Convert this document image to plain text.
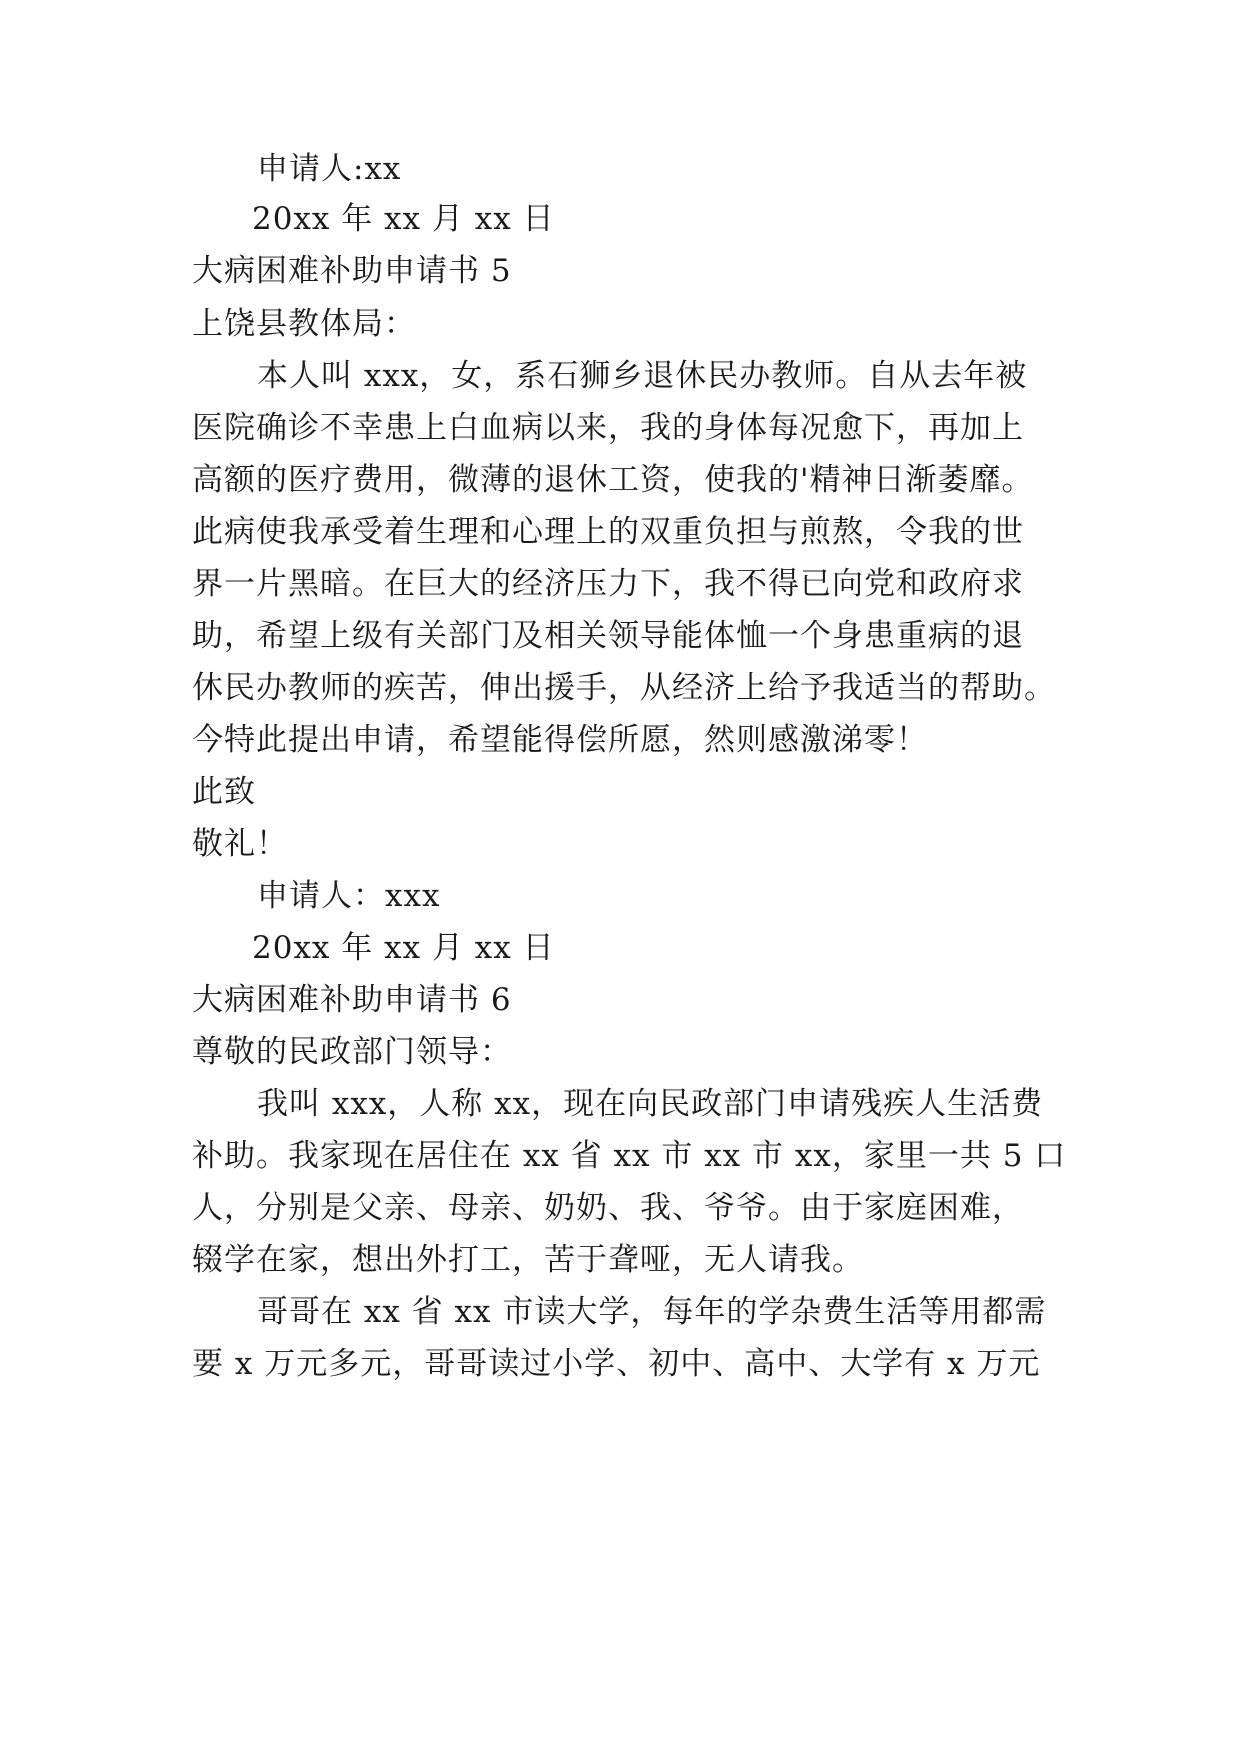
申请人:xx
20xx 年 xx 月 xx 日
大病困难补助申请书 5
上饶县教体局：
本人叫 xxx，女，系石狮乡退休民办教师。自从去年被
医院确诊不幸患上白血病以来，我的身体每况愈下，再加上
高额的医疗费用，微薄的退休工资，使我的'精神日渐萎靡。
此病使我承受着生理和心理上的双重负担与煎熬，令我的世
界一片黑暗。在巨大的经济压力下，我不得已向党和政府求
助，希望上级有关部门及相关领导能体恤一个身患重病的退
休民办教师的疾苦，伸出援手，从经济上给予我适当的帮助。
今特此提出申请，希望能得偿所愿，然则感激涕零！
此致
敬礼！
申请人：xxx
20xx 年 xx 月 xx 日
大病困难补助申请书 6
尊敬的民政部门领导：
我叫 xxx，人称 xx，现在向民政部门申请残疾人生活费
补助。我家现在居住在 xx 省 xx 市 xx 市 xx，家里一共 5 口
人，分别是父亲、母亲、奶奶、我、爷爷。由于家庭困难，
辍学在家，想出外打工，苦于聋哑，无人请我。
哥哥在 xx 省 xx 市读大学，每年的学杂费生活等用都需
要 x 万元多元，哥哥读过小学、初中、高中、大学有 x 万元
